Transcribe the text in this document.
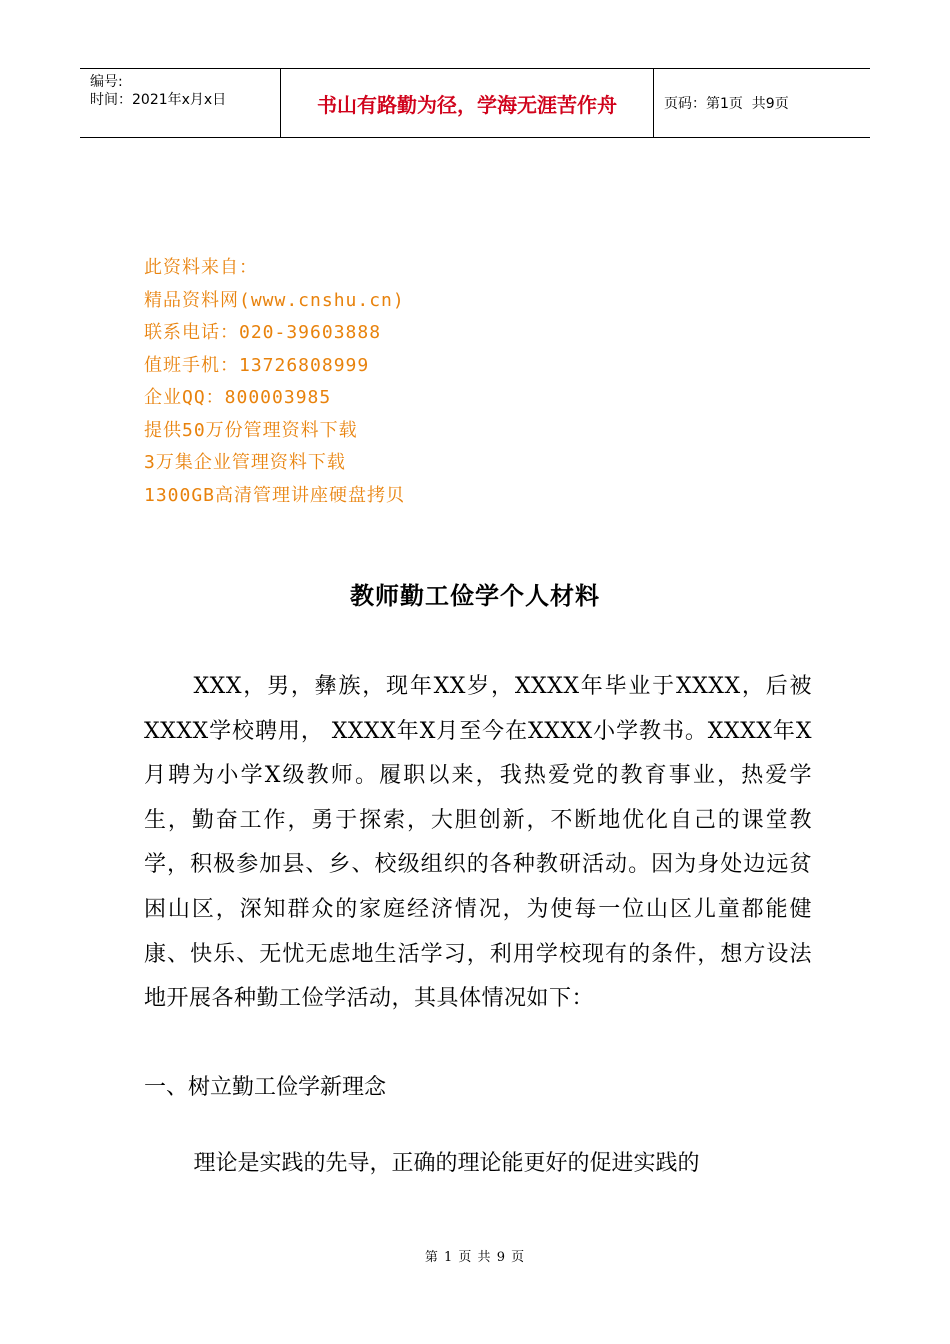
编号:
时间：2021年x月x日	书山有路勤为径，学海无涯苦作舟	页码：第1页  共9页
此资料来自：
精品资料网(www.cnshu.cn)
联系电话：020-39603888
值班手机：13726808999
企业QQ：800003985
提供50万份管理资料下载
3万集企业管理资料下载
1300GB高清管理讲座硬盘拷贝
教师勤工俭学个人材料

XXX，男，彝族，现年XX岁，XXXX年毕业于XXXX，后被XXXX学校聘用， XXXX年X月至今在XXXX小学教书。XXXX年X月聘为小学X级教师。履职以来，我热爱党的教育事业，热爱学生，勤奋工作，勇于探索，大胆创新，不断地优化自己的课堂教学，积极参加县、乡、校级组织的各种教研活动。因为身处边远贫困山区，深知群众的家庭经济情况，为使每一位山区儿童都能健康、快乐、无忧无虑地生活学习，利用学校现有的条件，想方设法地开展各种勤工俭学活动，其具体情况如下：

一、树立勤工俭学新理念
理论是实践的先导，正确的理论能更好的促进实践的
第 1 页 共 9 页
